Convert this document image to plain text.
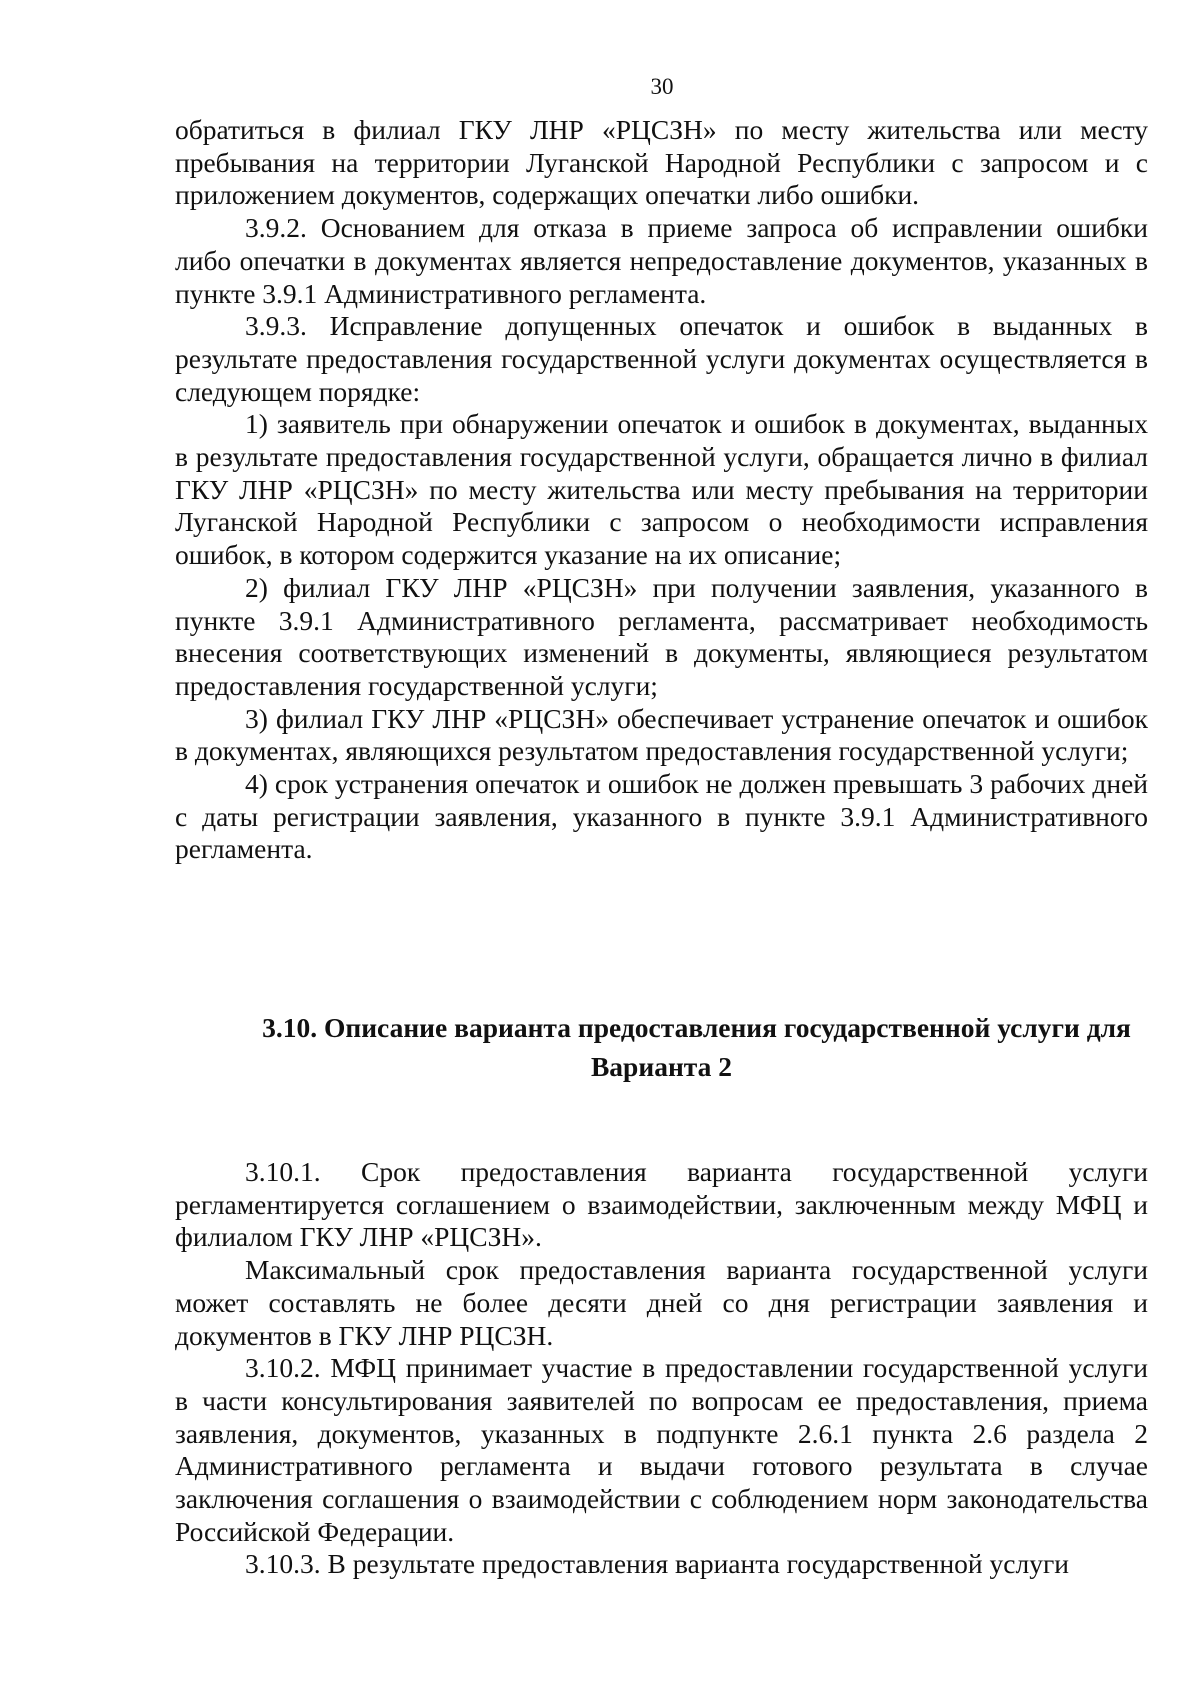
30

обратиться в филиал ГКУ ЛНР «РЦСЗН» по месту жительства или месту пребывания на территории Луганской Народной Республики с запросом и с приложением документов, содержащих опечатки либо ошибки.

3.9.2. Основанием для отказа в приеме запроса об исправлении ошибки либо опечатки в документах является непредоставление документов, указанных в пункте 3.9.1 Административного регламента.

3.9.3. Исправление допущенных опечаток и ошибок в выданных в результате предоставления государственной услуги документах осуществляется в следующем порядке:

1) заявитель при обнаружении опечаток и ошибок в документах, выданных в результате предоставления государственной услуги, обращается лично в филиал ГКУ ЛНР «РЦСЗН» по месту жительства или месту пребывания на территории Луганской Народной Республики с запросом о необходимости исправления ошибок, в котором содержится указание на их описание;

2) филиал ГКУ ЛНР «РЦСЗН» при получении заявления, указанного в пункте 3.9.1 Административного регламента, рассматривает необходимость внесения соответствующих изменений в документы, являющиеся результатом предоставления государственной услуги;

3) филиал ГКУ ЛНР «РЦСЗН» обеспечивает устранение опечаток и ошибок в документах, являющихся результатом предоставления государственной услуги;

4) срок устранения опечаток и ошибок не должен превышать 3 рабочих дней с даты регистрации заявления, указанного в пункте 3.9.1 Административного регламента.

3.10. Описание варианта предоставления государственной услуги для
Варианта 2

3.10.1. Срок предоставления варианта государственной услуги регламентируется соглашением о взаимодействии, заключенным между МФЦ и филиалом ГКУ ЛНР «РЦСЗН».

Максимальный срок предоставления варианта государственной услуги может составлять не более десяти дней со дня регистрации заявления и документов в ГКУ ЛНР РЦСЗН.

3.10.2. МФЦ принимает участие в предоставлении государственной услуги в части консультирования заявителей по вопросам ее предоставления, приема заявления, документов, указанных в подпункте 2.6.1 пункта 2.6 раздела 2 Административного регламента и выдачи готового результата в случае заключения соглашения о взаимодействии с соблюдением норм законодательства Российской Федерации.

3.10.3. В результате предоставления варианта государственной услуги
